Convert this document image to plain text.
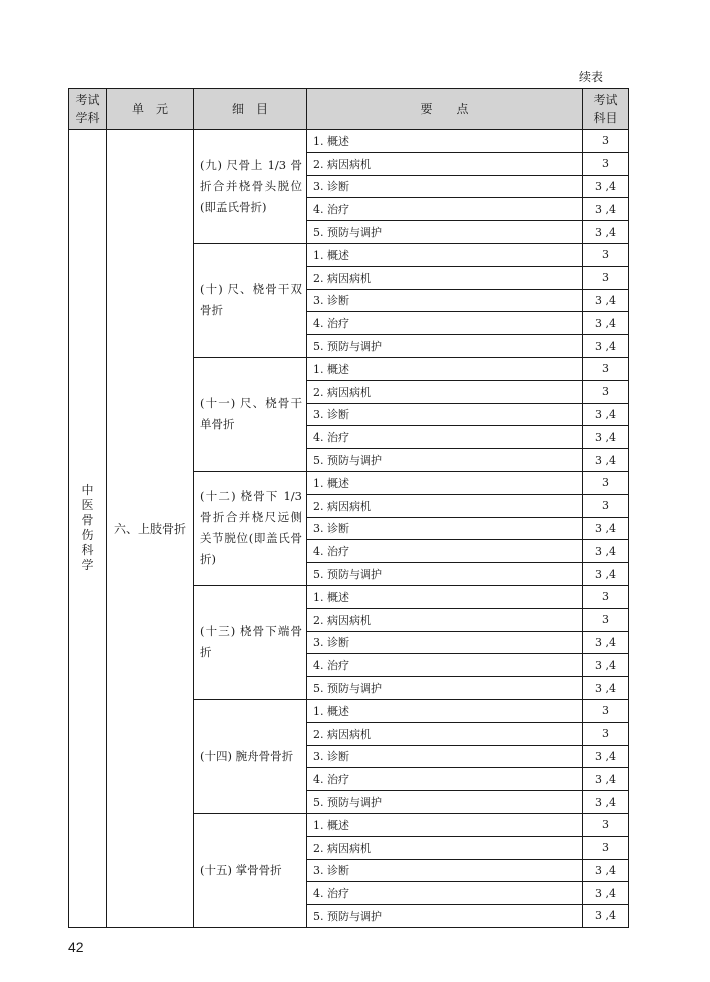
续表
考试
学科	单　元	细　目	要　　点	考试
科目
中医骨伤科学	六、上肢骨折	(九) 尺骨上 1/3 骨折合并桡骨头脱位(即孟氏骨折)	1. 概述	3
			2. 病因病机	3
			3. 诊断	3 ,4
			4. 治疗	3 ,4
			5. 预防与调护	3 ,4
		(十) 尺、桡骨干双骨折	1. 概述	3
			2. 病因病机	3
			3. 诊断	3 ,4
			4. 治疗	3 ,4
			5. 预防与调护	3 ,4
		(十一) 尺、桡骨干单骨折	1. 概述	3
			2. 病因病机	3
			3. 诊断	3 ,4
			4. 治疗	3 ,4
			5. 预防与调护	3 ,4
		(十二) 桡骨下 1/3 骨折合并桡尺远侧关节脱位(即盖氏骨折)	1. 概述	3
			2. 病因病机	3
			3. 诊断	3 ,4
			4. 治疗	3 ,4
			5. 预防与调护	3 ,4
		(十三) 桡骨下端骨折	1. 概述	3
			2. 病因病机	3
			3. 诊断	3 ,4
			4. 治疗	3 ,4
			5. 预防与调护	3 ,4
		(十四) 腕舟骨骨折	1. 概述	3
			2. 病因病机	3
			3. 诊断	3 ,4
			4. 治疗	3 ,4
			5. 预防与调护	3 ,4
		(十五) 掌骨骨折	1. 概述	3
			2. 病因病机	3
			3. 诊断	3 ,4
			4. 治疗	3 ,4
			5. 预防与调护	3 ,4
42
